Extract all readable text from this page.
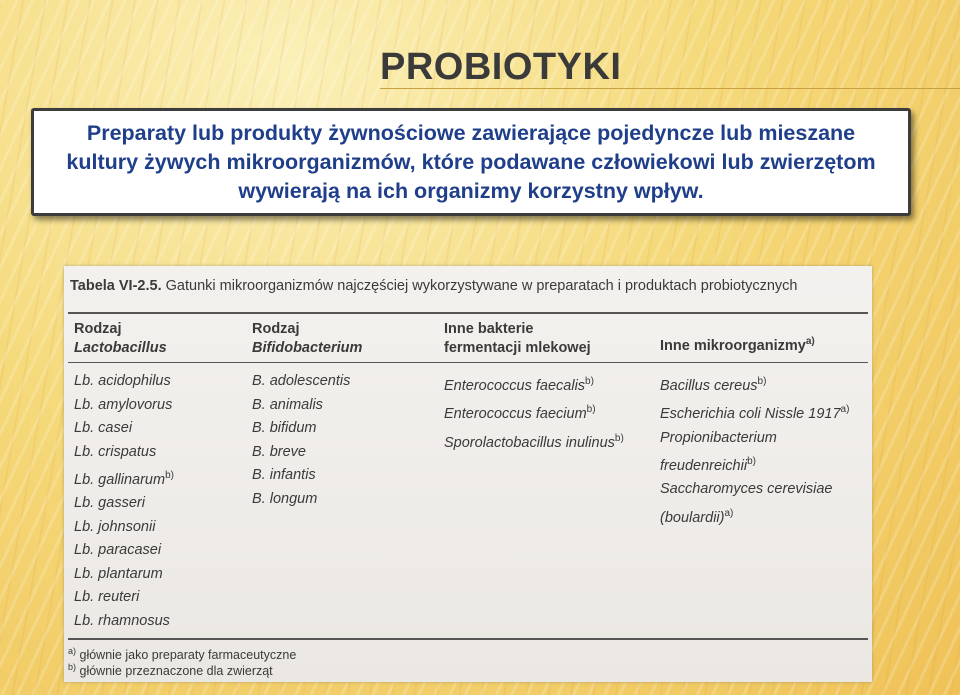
PROBIOTYKI
Preparaty lub produkty żywnościowe zawierające pojedyncze lub mieszane kultury żywych mikroorganizmów, które podawane człowiekowi lub zwierzętom wywierają na ich organizmy korzystny wpływ.
Tabela VI-2.5. Gatunki mikroorganizmów najczęściej wykorzystywane w preparatach i produktach probiotycznych
Rodzaj
Lactobacillus
Rodzaj
Bifidobacterium
Inne bakterie
fermentacji mlekowej	Inne mikroorganizmy$^{a)}$
Lb. acidophilus
Lb. amylovorus
Lb. casei
Lb. crispatus
Lb. gallinarum$^{b)}$
Lb. gasseri
Lb. johnsonii
Lb. paracasei
Lb. plantarum
Lb. reuteri
Lb. rhamnosus
B. adolescentis
B. animalis
B. bifidum
B. breve
B. infantis
B. longum
Enterococcus faecalis$^{b)}$
Enterococcus faecium$^{b)}$
Sporolactobacillus inulinus$^{b)}$
Bacillus cereus$^{b)}$
Escherichia coli Nissle 1917$^{a)}$
Propionibacterium
freudenreichii$^{b)}$
Saccharomyces cerevisiae
(boulardii)$^{a)}$
$^{a)}$ głównie jako preparaty farmaceutyczne
$^{b)}$ głównie przeznaczone dla zwierząt
